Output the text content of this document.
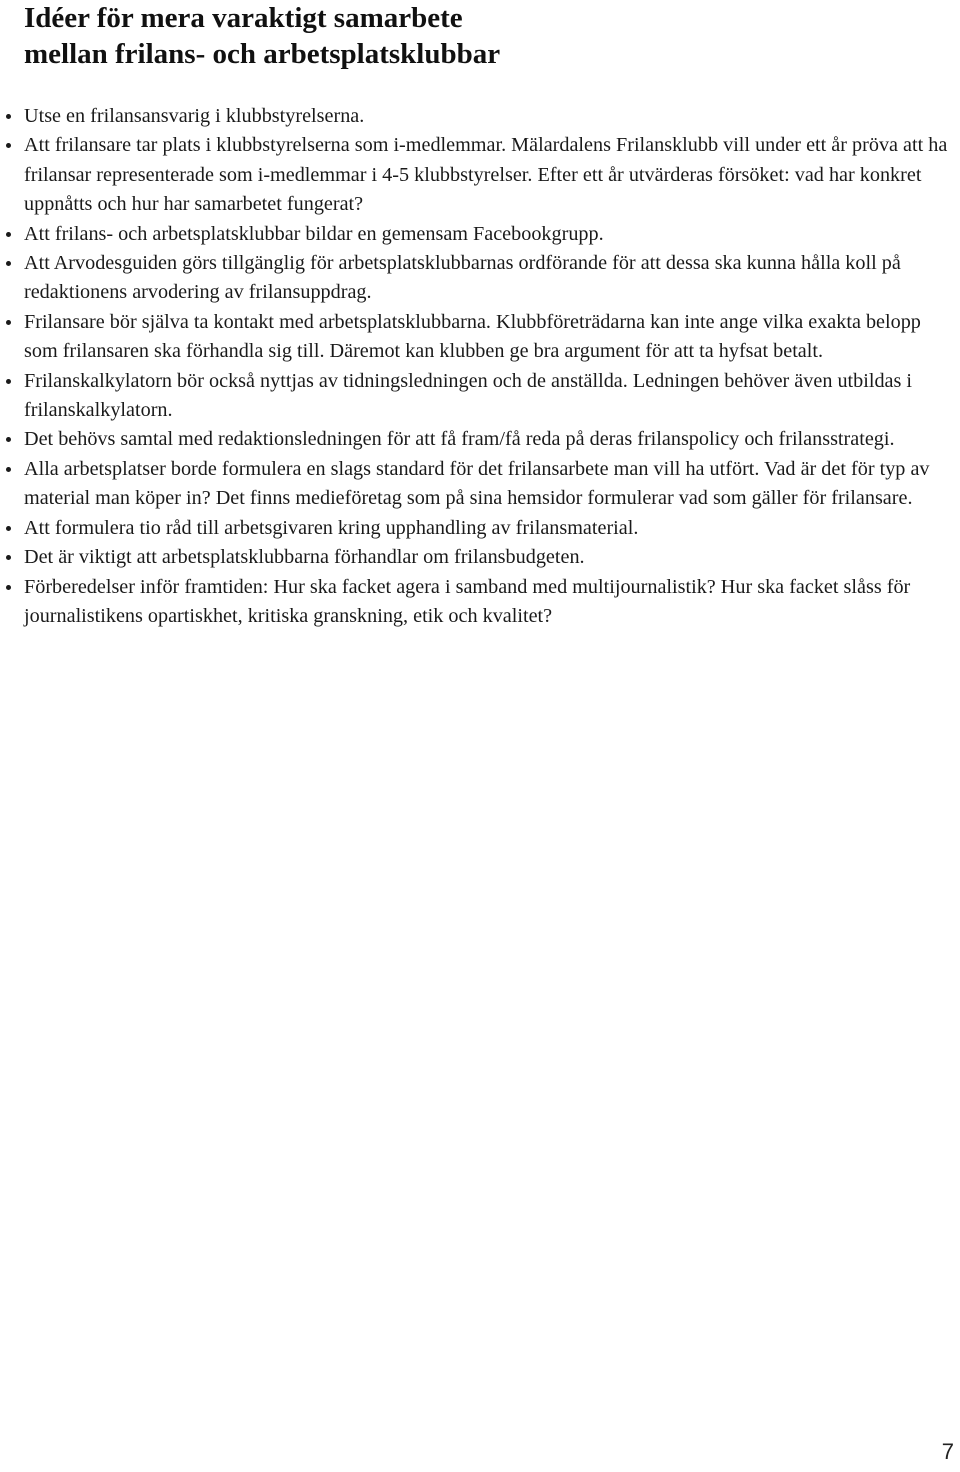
Idéer för mera varaktigt samarbete
mellan frilans- och arbetsplatsklubbar
Utse en frilansansvarig i klubbstyrelserna.
Att frilansare tar plats i klubbstyrelserna som i-medlemmar. Mälardalens Frilansklubb vill under ett år pröva att ha frilansar representerade som i-medlemmar i 4-5 klubbstyrelser. Efter ett år utvärderas försöket: vad har konkret uppnåtts och hur har samarbetet fungerat?
Att frilans- och arbetsplatsklubbar bildar en gemensam Facebookgrupp.
Att Arvodesguiden görs tillgänglig för arbetsplatsklubbarnas ordförande för att dessa ska kunna hålla koll på redaktionens arvodering av frilansuppdrag.
Frilansare bör själva ta kontakt med arbetsplatsklubbarna. Klubbföreträdarna kan inte ange vilka exakta belopp som frilansaren ska förhandla sig till. Däremot kan klubben ge bra argument för att ta hyfsat betalt.
Frilanskalkylatorn bör också nyttjas av tidningsledningen och de anställda. Ledningen behöver även utbildas i frilanskalkylatorn.
Det behövs samtal med redaktionsledningen för att få fram/få reda på deras frilanspolicy och frilansstrategi.
Alla arbetsplatser borde formulera en slags standard för det frilansarbete man vill ha utfört. Vad är det för typ av material man köper in? Det finns medieföretag som på sina hemsidor formulerar vad som gäller för frilansare.
Att formulera tio råd till arbetsgivaren kring upphandling av frilansmaterial.
Det är viktigt att arbetsplatsklubbarna förhandlar om frilansbudgeten.
Förberedelser inför framtiden: Hur ska facket agera i samband med multijournalistik? Hur ska facket slåss för journalistikens opartiskhet, kritiska granskning, etik och kvalitet?
7
